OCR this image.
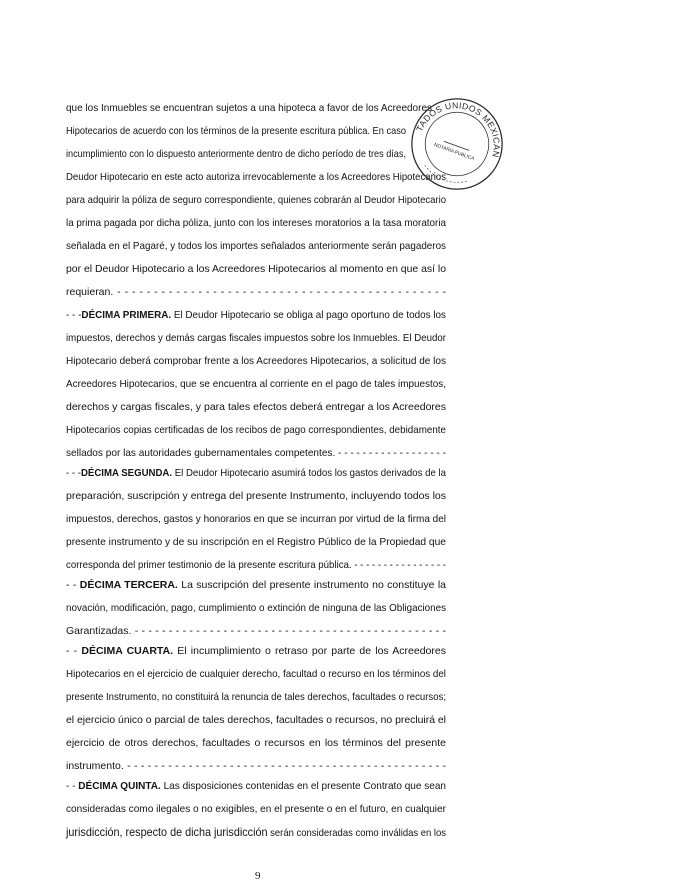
que los Inmuebles se encuentran sujetos a una hipoteca a favor de los Acreedores
Hipotecarios de acuerdo con los términos de la presente escritura pública. En caso
incumplimiento con lo dispuesto anteriormente dentro de dicho período de tres días,
Deudor Hipotecario en este acto autoriza irrevocablemente a los Acreedores Hipotecarios
para adquirir la póliza de seguro correspondiente, quienes cobrarán al Deudor Hipotecario
la prima pagada por dicha póliza, junto con los intereses moratorios a la tasa moratoria
señalada en el Pagaré, y todos los importes señalados anteriormente serán pagaderos
por el Deudor Hipotecario a los Acreedores Hipotecarios al momento en que así lo
requieran. - - - - - - - - - - - - - - - - - - - - - - - - - - - - - - - - - - - - - - - - - - - - -
- - -DÉCIMA PRIMERA. El Deudor Hipotecario se obliga al pago oportuno de todos los
impuestos, derechos y demás cargas fiscales impuestos sobre los Inmuebles. El Deudor
Hipotecario deberá comprobar frente a los Acreedores Hipotecarios, a solicitud de los
Acreedores Hipotecarios, que se encuentra al corriente en el pago de tales impuestos,
derechos y cargas fiscales, y para tales efectos deberá entregar a los Acreedores
Hipotecarios copias certificadas de los recibos de pago correspondientes, debidamente
sellados por las autoridades gubernamentales competentes. - - - - - - - - - - - - - - - - - -
- - -DÉCIMA SEGUNDA. El Deudor Hipotecario asumirá todos los gastos derivados de la
preparación, suscripción y entrega del presente Instrumento, incluyendo todos los
impuestos, derechos, gastos y honorarios en que se incurran por virtud de la firma del
presente instrumento y de su inscripción en el Registro Público de la Propiedad que
corresponda del primer testimonio de la presente escritura pública. - - - - - - - - - - - - - - - -
- - DÉCIMA TERCERA. La suscripción del presente instrumento no constituye la
novación, modificación, pago, cumplimiento o extinción de ninguna de las Obligaciones
Garantizadas. - - - - - - - - - - - - - - - - - - - - - - - - - - - - - - - - - - - - - - - - - - - - - -
- - DÉCIMA CUARTA. El incumplimiento o retraso por parte de los Acreedores
Hipotecarios en el ejercicio de cualquier derecho, facultad o recurso en los términos del
presente Instrumento, no constituirá la renuncia de tales derechos, facultades o recursos;
el ejercicio único o parcial de tales derechos, facultades o recursos, no precluirá el
ejercicio de otros derechos, facultades o recursos en los términos del presente
instrumento. - - - - - - - - - - - - - - - - - - - - - - - - - - - - - - - - - - - - - - - - - - - - - - -
- - DÉCIMA QUINTA. Las disposiciones contenidas en el presente Contrato que sean
consideradas como ilegales o no exigibles, en el presente o en el futuro, en cualquier
jurisdicción, respecto de dicha jurisdicción serán consideradas como inválidas en los
ESTADOS UNIDOS MEXICANOS
NOTARIA PUBLICA
9
